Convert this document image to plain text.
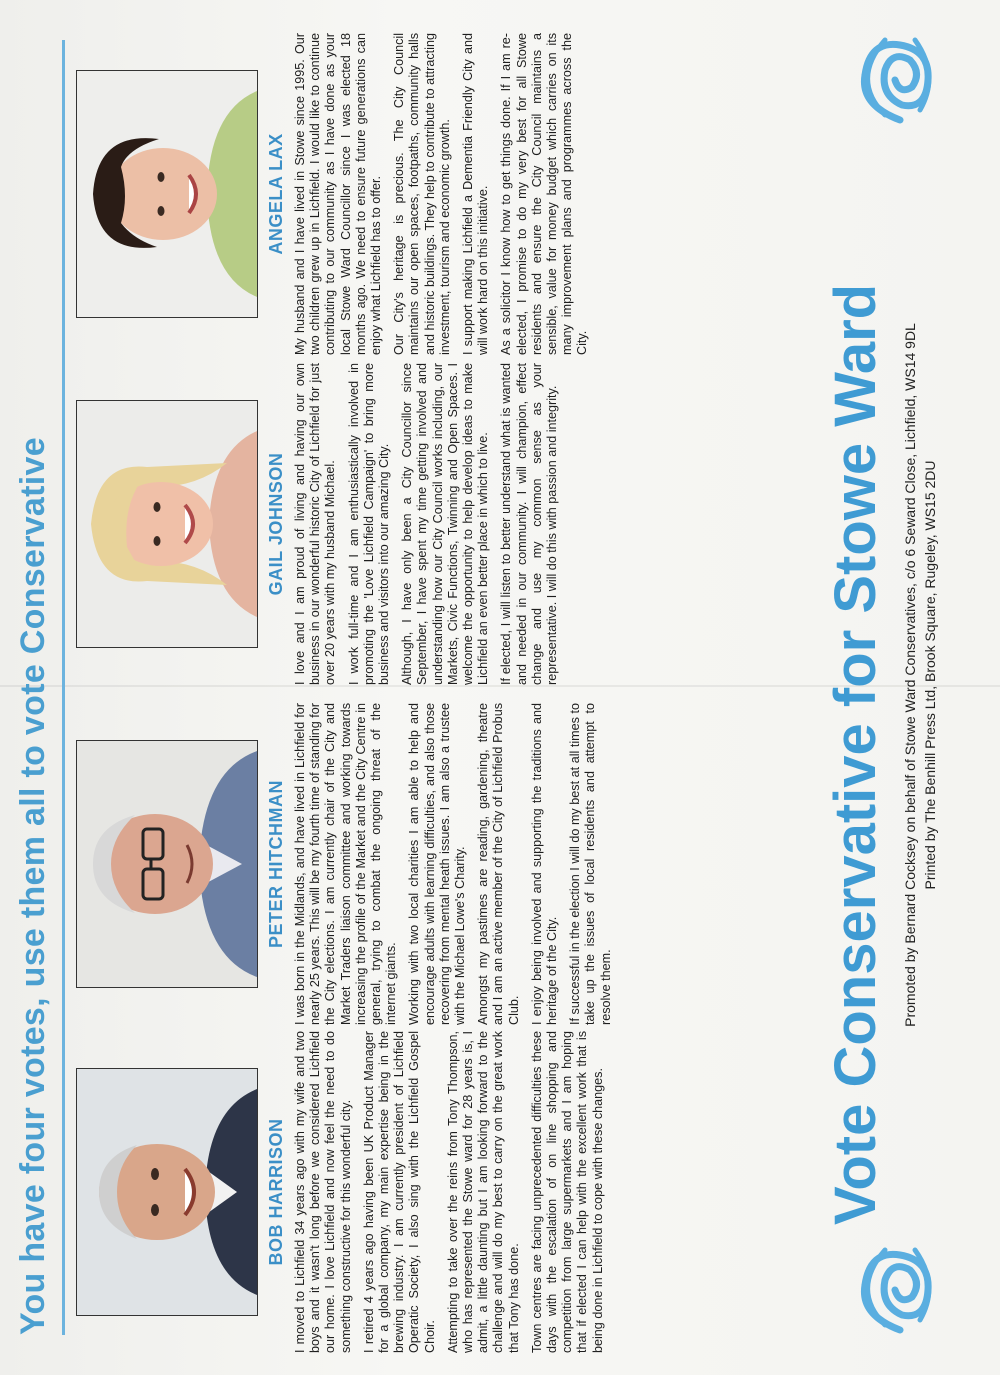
You have four votes, use them all to vote Conservative	BOB HARRISON I moved to Lichfield 34 years ago with my wife and two boys and it wasn't long before we considered Lichfield our home. I love Lichfield and now feel the need to do something constructive for this wonderful city. I retired 4 years ago having been UK Product Manager for a global company, my main expertise being in the brewing industry. I am currently president of Lichfield Operatic Society, I also sing with the Lichfield Gospel Choir. Attempting to take over the reins from Tony Thompson, who has represented the Stowe ward for 28 years is, I admit, a little daunting but I am looking forward to the challenge and will do my best to carry on the great work that Tony has done. Town centres are facing unprecedented difficulties these days with the escalation of on line shopping and competition from large supermarkets and I am hoping that if elected I can help with the excellent work that is being done in Lichfield to cope with these changes.

PETER HITCHMAN I was born in the Midlands, and have lived in Lichfield for nearly 25 years. This will be my fourth time of standing for the City elections. I am currently chair of the City and Market Traders liaison committee and working towards increasing the profile of the Market and the City Centre in general, trying to combat the ongoing threat of the internet giants. Working with two local charities I am able to help and encourage adults with learning difficulties, and also those recovering from mental heath issues. I am also a trustee with the Michael Lowe's Charity. Amongst my pastimes are reading, gardening, theatre and I am an active member of the City of Lichfield Probus Club. I enjoy being involved and supporting the traditions and heritage of the City. If successful in the election I will do my best at all times to take up the issues of local residents and attempt to resolve them.

GAIL JOHNSON I love and I am proud of living and having our own business in our wonderful historic City of Lichfield for just over 20 years with my husband Michael. I work full-time and I am enthusiastically involved in promoting the 'Love Lichfield Campaign' to bring more business and visitors into our amazing City. Although, I have only been a City Councillor since September, I have spent my time getting involved and understanding how our City Council works including, our Markets, Civic Functions, Twinning and Open Spaces. I welcome the opportunity to help develop ideas to make Lichfield an even better place in which to live. If elected, I will listen to better understand what is wanted and needed in our community. I will champion, effect change and use my common sense as your representative. I will do this with passion and integrity.

ANGELA LAX My husband and I have lived in Stowe since 1995. Our two children grew up in Lichfield. I would like to continue contributing to our community as I have done as your local Stowe Ward Councillor since I was elected 18 months ago. We need to ensure future generations can enjoy what Lichfield has to offer. Our City's heritage is precious. The City Council maintains our open spaces, footpaths, community halls and historic buildings. They help to contribute to attracting investment, tourism and economic growth. I support making Lichfield a Dementia Friendly City and will work hard on this initiative. As a solicitor I know how to get things done. If I am re-elected, I promise to do my very best for all Stowe residents and ensure the City Council maintains a sensible, value for money budget which carries on its many improvement plans and programmes across the City.	Vote Conservative for Stowe Ward Promoted by Bernard Cocksey on behalf of Stowe Ward Conservatives, c/o 6 Seward Close, Lichfield, WS14 9DL Printed by The Benhill Press Ltd, Brook Square, Rugeley, WS15 2DU
